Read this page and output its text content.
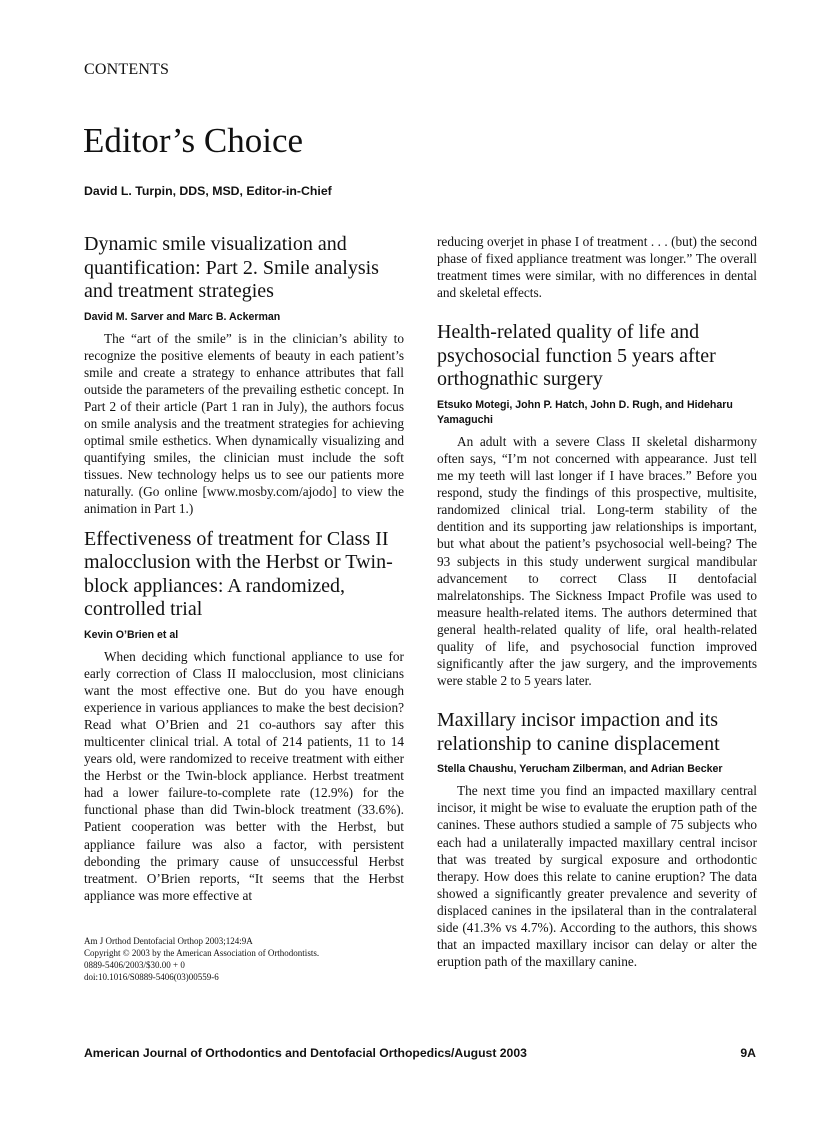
CONTENTS
Editor’s Choice
David L. Turpin, DDS, MSD, Editor-in-Chief
Dynamic smile visualization and quantification: Part 2. Smile analysis and treatment strategies

David M. Sarver and Marc B. Ackerman

The “art of the smile” is in the clinician’s ability to recognize the positive elements of beauty in each patient’s smile and create a strategy to enhance attributes that fall outside the parameters of the prevailing esthetic concept. In Part 2 of their article (Part 1 ran in July), the authors focus on smile analysis and the treatment strategies for achieving optimal smile esthetics. When dynamically visualizing and quantifying smiles, the clinician must include the soft tissues. New technology helps us to see our patients more naturally. (Go online [www.mosby.com/ajodo] to view the animation in Part 1.)

Effectiveness of treatment for Class II malocclusion with the Herbst or Twin-block appliances: A randomized, controlled trial

Kevin O’Brien et al

When deciding which functional appliance to use for early correction of Class II malocclusion, most clinicians want the most effective one. But do you have enough experience in various appliances to make the best decision? Read what O’Brien and 21 co-authors say after this multicenter clinical trial. A total of 214 patients, 11 to 14 years old, were randomized to receive treatment with either the Herbst or the Twin-block appliance. Herbst treatment had a lower failure-to-complete rate (12.9%) for the functional phase than did Twin-block treatment (33.6%). Patient cooperation was better with the Herbst, but appliance failure was also a factor, with persistent debonding the primary cause of unsuccessful Herbst treatment. O’Brien reports, “It seems that the Herbst appliance was more effective at

Am J Orthod Dentofacial Orthop 2003;124:9A
Copyright © 2003 by the American Association of Orthodontists.
0889-5406/2003/$30.00 + 0
doi:10.1016/S0889-5406(03)00559-6

reducing overjet in phase I of treatment . . . (but) the second phase of fixed appliance treatment was longer.” The overall treatment times were similar, with no differences in dental and skeletal effects.

Health-related quality of life and psychosocial function 5 years after orthognathic surgery

Etsuko Motegi, John P. Hatch, John D. Rugh, and Hideharu Yamaguchi

An adult with a severe Class II skeletal disharmony often says, “I’m not concerned with appearance. Just tell me my teeth will last longer if I have braces.” Before you respond, study the findings of this prospective, multisite, randomized clinical trial. Long-term stability of the dentition and its supporting jaw relationships is important, but what about the patient’s psychosocial well-being? The 93 subjects in this study underwent surgical mandibular advancement to correct Class II dentofacial malrelatonships. The Sickness Impact Profile was used to measure health-related items. The authors determined that general health-related quality of life, oral health-related quality of life, and psychosocial function improved significantly after the jaw surgery, and the improvements were stable 2 to 5 years later.

Maxillary incisor impaction and its relationship to canine displacement

Stella Chaushu, Yerucham Zilberman, and Adrian Becker

The next time you find an impacted maxillary central incisor, it might be wise to evaluate the eruption path of the canines. These authors studied a sample of 75 subjects who each had a unilaterally impacted maxillary central incisor that was treated by surgical exposure and orthodontic therapy. How does this relate to canine eruption? The data showed a significantly greater prevalence and severity of displaced canines in the ipsilateral than in the contralateral side (41.3% vs 4.7%). According to the authors, this shows that an impacted maxillary incisor can delay or alter the eruption path of the maxillary canine.

American Journal of Orthodontics and Dentofacial Orthopedics/August 2003	9A
